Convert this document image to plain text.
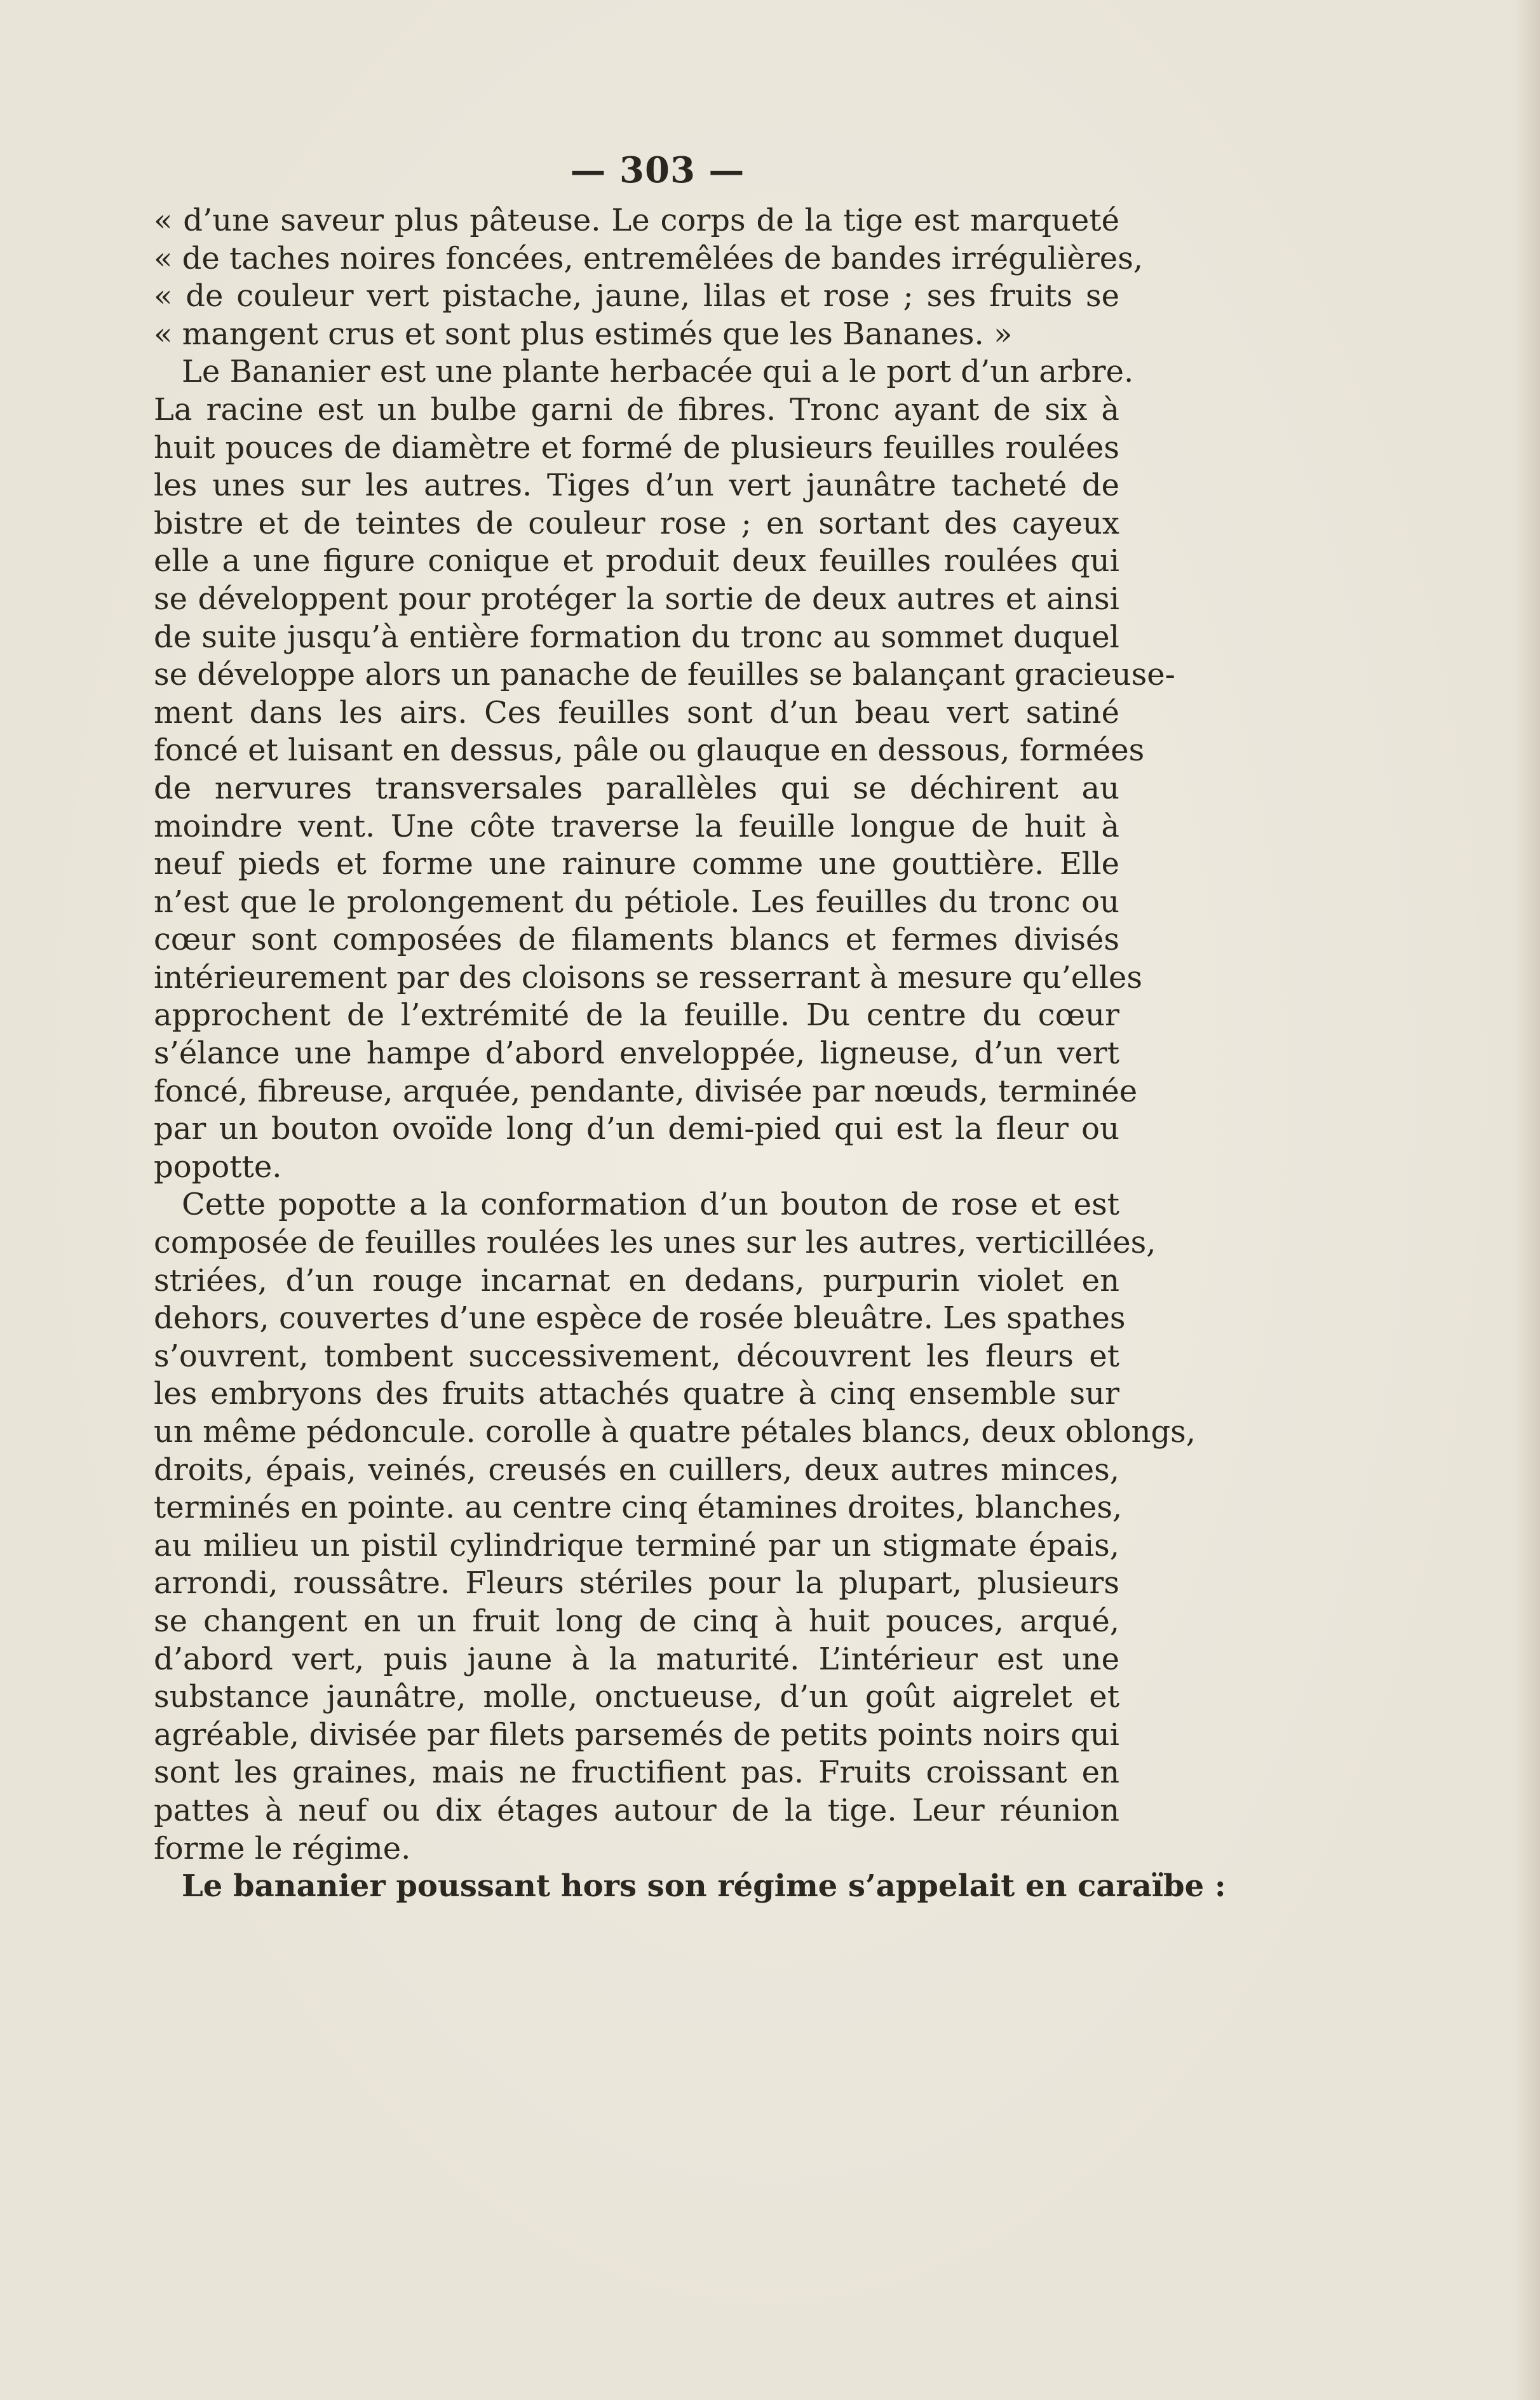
— 303 —
« d’une saveur plus pâteuse. Le corps de la tige est marqueté
« de taches noires foncées, entremêlées de bandes irrégulières,
« de couleur vert pistache, jaune, lilas et rose ; ses fruits se
« mangent crus et sont plus estimés que les Bananes. »
Le Bananier est une plante herbacée qui a le port d’un arbre.
La racine est un bulbe garni de fibres. Tronc ayant de six à
huit pouces de diamètre et formé de plusieurs feuilles roulées
les unes sur les autres. Tiges d’un vert jaunâtre tacheté de
bistre et de teintes de couleur rose ; en sortant des cayeux
elle a une figure conique et produit deux feuilles roulées qui
se développent pour protéger la sortie de deux autres et ainsi
de suite jusqu’à entière formation du tronc au sommet duquel
se développe alors un panache de feuilles se balançant gracieuse-
ment dans les airs. Ces feuilles sont d’un beau vert satiné
foncé et luisant en dessus, pâle ou glauque en dessous, formées
de nervures transversales parallèles qui se déchirent au
moindre vent. Une côte traverse la feuille longue de huit à
neuf pieds et forme une rainure comme une gouttière. Elle
n’est que le prolongement du pétiole. Les feuilles du tronc ou
cœur sont composées de filaments blancs et fermes divisés
intérieurement par des cloisons se resserrant à mesure qu’elles
approchent de l’extrémité de la feuille. Du centre du cœur
s’élance une hampe d’abord enveloppée, ligneuse, d’un vert
foncé, fibreuse, arquée, pendante, divisée par nœuds, terminée
par un bouton ovoïde long d’un demi-pied qui est la fleur ou
popotte.
Cette popotte a la conformation d’un bouton de rose et est
composée de feuilles roulées les unes sur les autres, verticillées,
striées, d’un rouge incarnat en dedans, purpurin violet en
dehors, couvertes d’une espèce de rosée bleuâtre. Les spathes
s’ouvrent, tombent successivement, découvrent les fleurs et
les embryons des fruits attachés quatre à cinq ensemble sur
un même pédoncule. corolle à quatre pétales blancs, deux oblongs,
droits, épais, veinés, creusés en cuillers, deux autres minces,
terminés en pointe. au centre cinq étamines droites, blanches,
au milieu un pistil cylindrique terminé par un stigmate épais,
arrondi, roussâtre. Fleurs stériles pour la plupart, plusieurs
se changent en un fruit long de cinq à huit pouces, arqué,
d’abord vert, puis jaune à la maturité. L’intérieur est une
substance jaunâtre, molle, onctueuse, d’un goût aigrelet et
agréable, divisée par filets parsemés de petits points noirs qui
sont les graines, mais ne fructifient pas. Fruits croissant en
pattes à neuf ou dix étages autour de la tige. Leur réunion
forme le régime.
Le bananier poussant hors son régime s’appelait en caraïbe :
